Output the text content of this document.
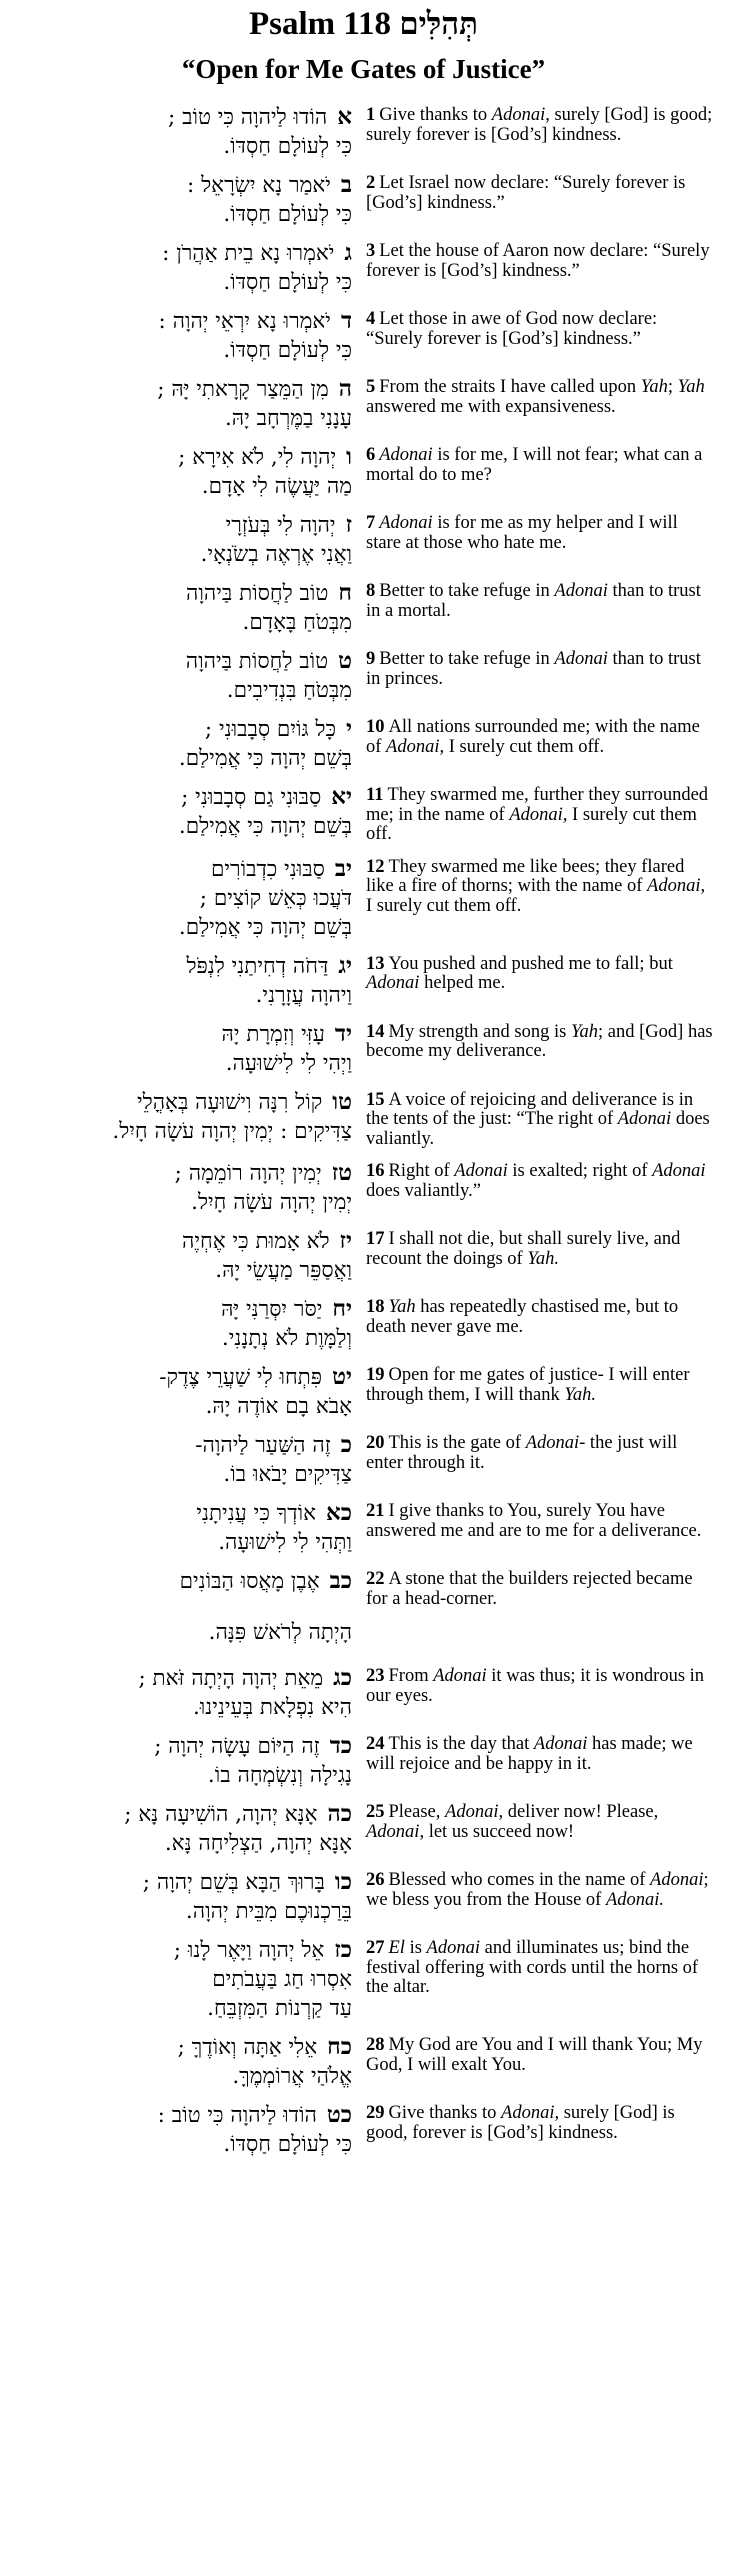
Psalm 118 תְּהִלִּים
“Open for Me Gates of Justice”
אהוֹדוּ לַיהוָה כִּי טוֹב ;
כִּי לְעוֹלָם חַסְדּוֹ.
1 Give thanks to Adonai, surely [God] is good; surely forever is [God’s] kindness.
ביֹאמַר נָא יִשְׂרָאֵל :
כִּי לְעוֹלָם חַסְדּוֹ.
2 Let Israel now declare: “Surely forever is [God’s] kindness.”
גיֹאמְרוּ נָא בֵית אַהֲרֹן :
כִּי לְעוֹלָם חַסְדּוֹ.
3 Let the house of Aaron now declare: “Surely forever is [God’s] kindness.”
דיֹאמְרוּ נָא יִרְאֵי יְהוָה :
כִּי לְעוֹלָם חַסְדּוֹ.
4 Let those in awe of God now declare: “Surely forever is [God’s] kindness.”
המִן הַמֵּצַר קָרָאתִי יָּהּ ;
עָנָנִי בַמֶּרְחָב יָהּ.
5 From the straits I have called upon Yah; Yah answered me with expansiveness.
ויְהוָה לִי, לֹא אִירָא ;
מַה יַּעֲשֶׂה לִי אָדָם.
6 Adonai is for me, I will not fear; what can a mortal do to me?
זיְהוָה לִי בְּעֹזְרָי
וַאֲנִי אֶרְאֶה בְשֹׂנְאָי.
7 Adonai is for me as my helper and I will stare at those who hate me.
חטוֹב לַחֲסוֹת בַּיהוָה
מִבְּטֹחַ בָּאָדָם.
8 Better to take refuge in Adonai than to trust in a mortal.
טטוֹב לַחֲסוֹת בַּיהוָה
מִבְּטֹחַ בִּנְדִיבִים.
9 Better to take refuge in Adonai than to trust in princes.
יכָּל גּוֹיִם סְבָבוּנִי ;
בְּשֵׁם יְהוָה כִּי אֲמִילַם.
10 All nations surrounded me; with the name of Adonai, I surely cut them off.
יאסַבּוּנִי גַם סְבָבוּנִי ;
בְּשֵׁם יְהוָה כִּי אֲמִילַם.
11 They swarmed me, further they surrounded me; in the name of Adonai, I surely cut them off.
יבסַבּוּנִי כִדְבוֹרִים
דֹּעֲכוּ כְּאֵשׁ קוֹצִים ;
בְּשֵׁם יְהוָה כִּי אֲמִילַם.
12 They swarmed me like bees; they flared like a fire of thorns; with the name of Adonai, I surely cut them off.
יגדַּחֹה דְחִיתַנִי לִנְפֹּל
וַיהוָה עֲזָרָנִי.
13 You pushed and pushed me to fall; but Adonai helped me.
ידעָזִּי וְזִמְרָת יָהּ
וַיְהִי לִי לִישׁוּעָה.
14 My strength and song is Yah; and [God] has become my deliverance.
טוקוֹל רִנָּה וִישׁוּעָה בְּאָהֳלֵי
צַדִּיקִים : יְמִין יְהוָה עֹשָׂה חָיִל.
15 A voice of rejoicing and deliverance is in the tents of the just: “The right of Adonai does valiantly.
טזיְמִין יְהוָה רוֹמֵמָה ;
יְמִין יְהוָה עֹשָׂה חָיִל.
16 Right of Adonai is exalted; right of Adonai does valiantly.”
יזלֹא אָמוּת כִּי אֶחְיֶה
וַאֲסַפֵּר מַעֲשֵׂי יָהּ.
17 I shall not die, but shall surely live, and recount the doings of Yah.
יחיַסֹּר יִסְּרַנִּי יָּהּ
וְלַמָּוֶת לֹא נְתָנָנִי.
18 Yah has repeatedly chastised me, but to death never gave me.
יטפִּתְחוּ לִי שַׁעֲרֵי צֶדֶק-
אָבֹא בָם אוֹדֶה יָהּ.
19 Open for me gates of justice- I will enter through them, I will thank Yah.
כזֶה הַשַּׁעַר לַיהוָה-
צַדִּיקִים יָבֹאוּ בוֹ.
20 This is the gate of Adonai- the just will enter through it.
כאאוֹדְךָ כִּי עֲנִיתָנִי
וַתְּהִי לִי לִישׁוּעָה.
21 I give thanks to You, surely You have answered me and are to me for a deliverance.
כבאֶבֶן מָאֲסוּ הַבּוֹנִים	22 A stone that the builders rejected became for a head-corner.
הָיְתָה לְרֹאשׁ פִּנָּה.
כגמֵאֵת יְהוָה הָיְתָה זֹּאת ;
הִיא נִפְלָאת בְּעֵינֵינוּ.
23 From Adonai it was thus; it is wondrous in our eyes.
כדזֶה הַיּוֹם עָשָׂה יְהוָה ;
נָגִילָה וְנִשְׂמְחָה בוֹ.
24 This is the day that Adonai has made; we will rejoice and be happy in it.
כהאָנָּא יְהוָה, הוֹשִׁיעָה נָּא ;
אָנָּא יְהוָה, הַצְלִיחָה נָּא.
25 Please, Adonai, deliver now! Please, Adonai, let us succeed now!
כובָּרוּךְ הַבָּא בְּשֵׁם יְהוָה ;
בֵּרַכְנוּכֶם מִבֵּית יְהוָה.
26 Blessed who comes in the name of Adonai; we bless you from the House of Adonai.
כזאֵל יְהוָה וַיָּאֶר לָנוּ ;
אִסְרוּ חַג בַּעֲבֹתִים
עַד קַרְנוֹת הַמִּזְבֵּחַ.
27 El is Adonai and illuminates us; bind the festival offering with cords until the horns of the altar.
כחאֵלִי אַתָּה וְאוֹדֶךָּ ;
אֱלֹהַי אֲרוֹמְמֶךָּ.
28 My God are You and I will thank You; My God, I will exalt You.
כטהוֹדוּ לַיהוָה כִּי טוֹב :
כִּי לְעוֹלָם חַסְדּוֹ.
29 Give thanks to Adonai, surely [God] is good, forever is [God’s] kindness.
